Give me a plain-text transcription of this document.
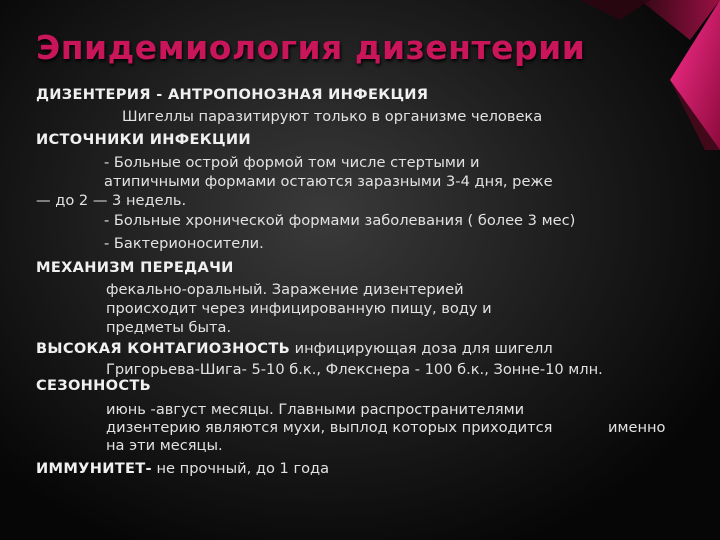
Эпидемиология дизентерии

ДИЗЕНТЕРИЯ - АНТРОПОНОЗНАЯ ИНФЕКЦИЯ

Шигеллы паразитируют только в организме человека

ИСТОЧНИКИ ИНФЕКЦИИ

- Больные острой формой том числе стертыми и

атипичными формами остаются заразными 3-4 дня, реже

— до 2 — 3 недель.

- Больные хронической формами заболевания ( более 3 мес)

- Бактерионосители.

МЕХАНИЗМ ПЕРЕДАЧИ

фекально-оральный. Заражение дизентерией

происходит через инфицированную пищу, воду и

предметы быта.

ВЫСОКАЯ КОНТАГИОЗНОСТЬ инфицирующая доза для шигелл

Григорьева-Шига- 5-10 б.к., Флекснера - 100 б.к., Зонне-10 млн.

СЕЗОННОСТЬ

июнь -август месяцы. Главными распространителями

дизентерию являются мухи, выплод которых приходится	именно

на эти месяцы.

ИММУНИТЕТ- не прочный, до 1 года
